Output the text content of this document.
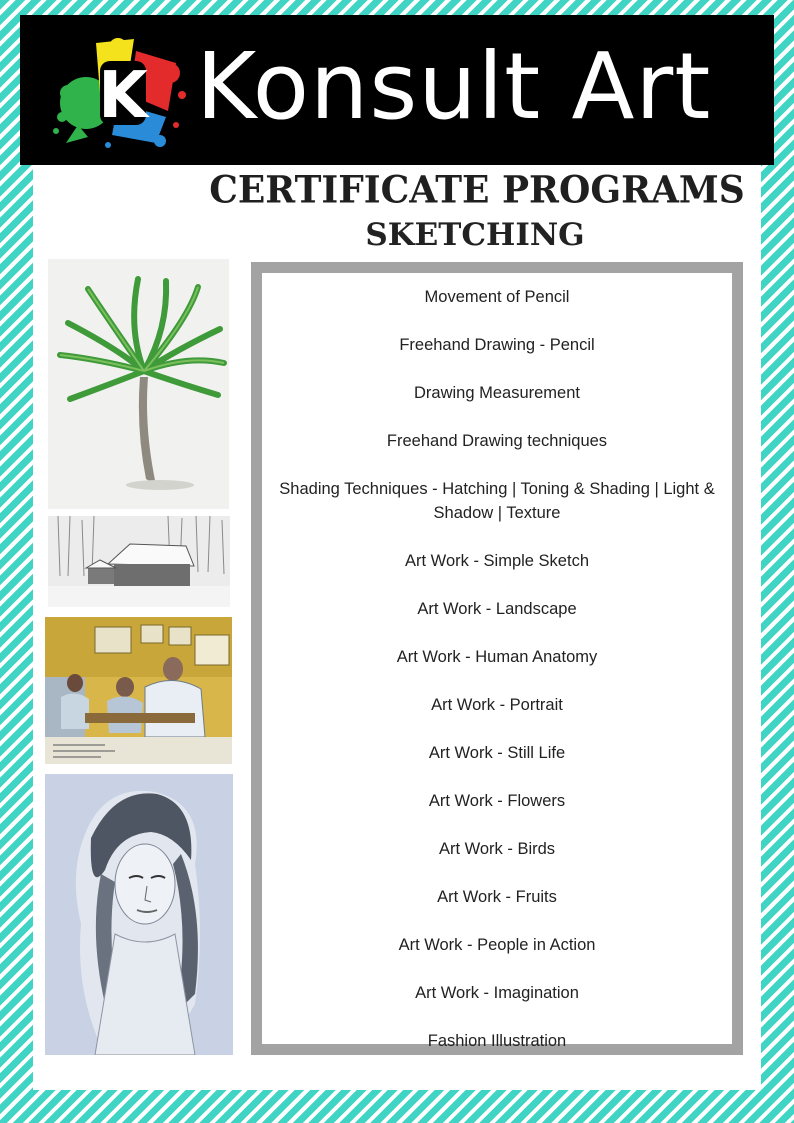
K Konsult Art
CERTIFICATE PROGRAMS
SKETCHING
Movement of Pencil
Freehand Drawing - Pencil
Drawing Measurement
Freehand Drawing techniques
Shading Techniques - Hatching | Toning & Shading | Light & Shadow | Texture
Art Work - Simple Sketch
Art Work - Landscape
Art Work - Human Anatomy
Art Work - Portrait
Art Work - Still Life
Art Work - Flowers
Art Work - Birds
Art Work - Fruits
Art Work - People in Action
Art Work - Imagination
Fashion Illustration
